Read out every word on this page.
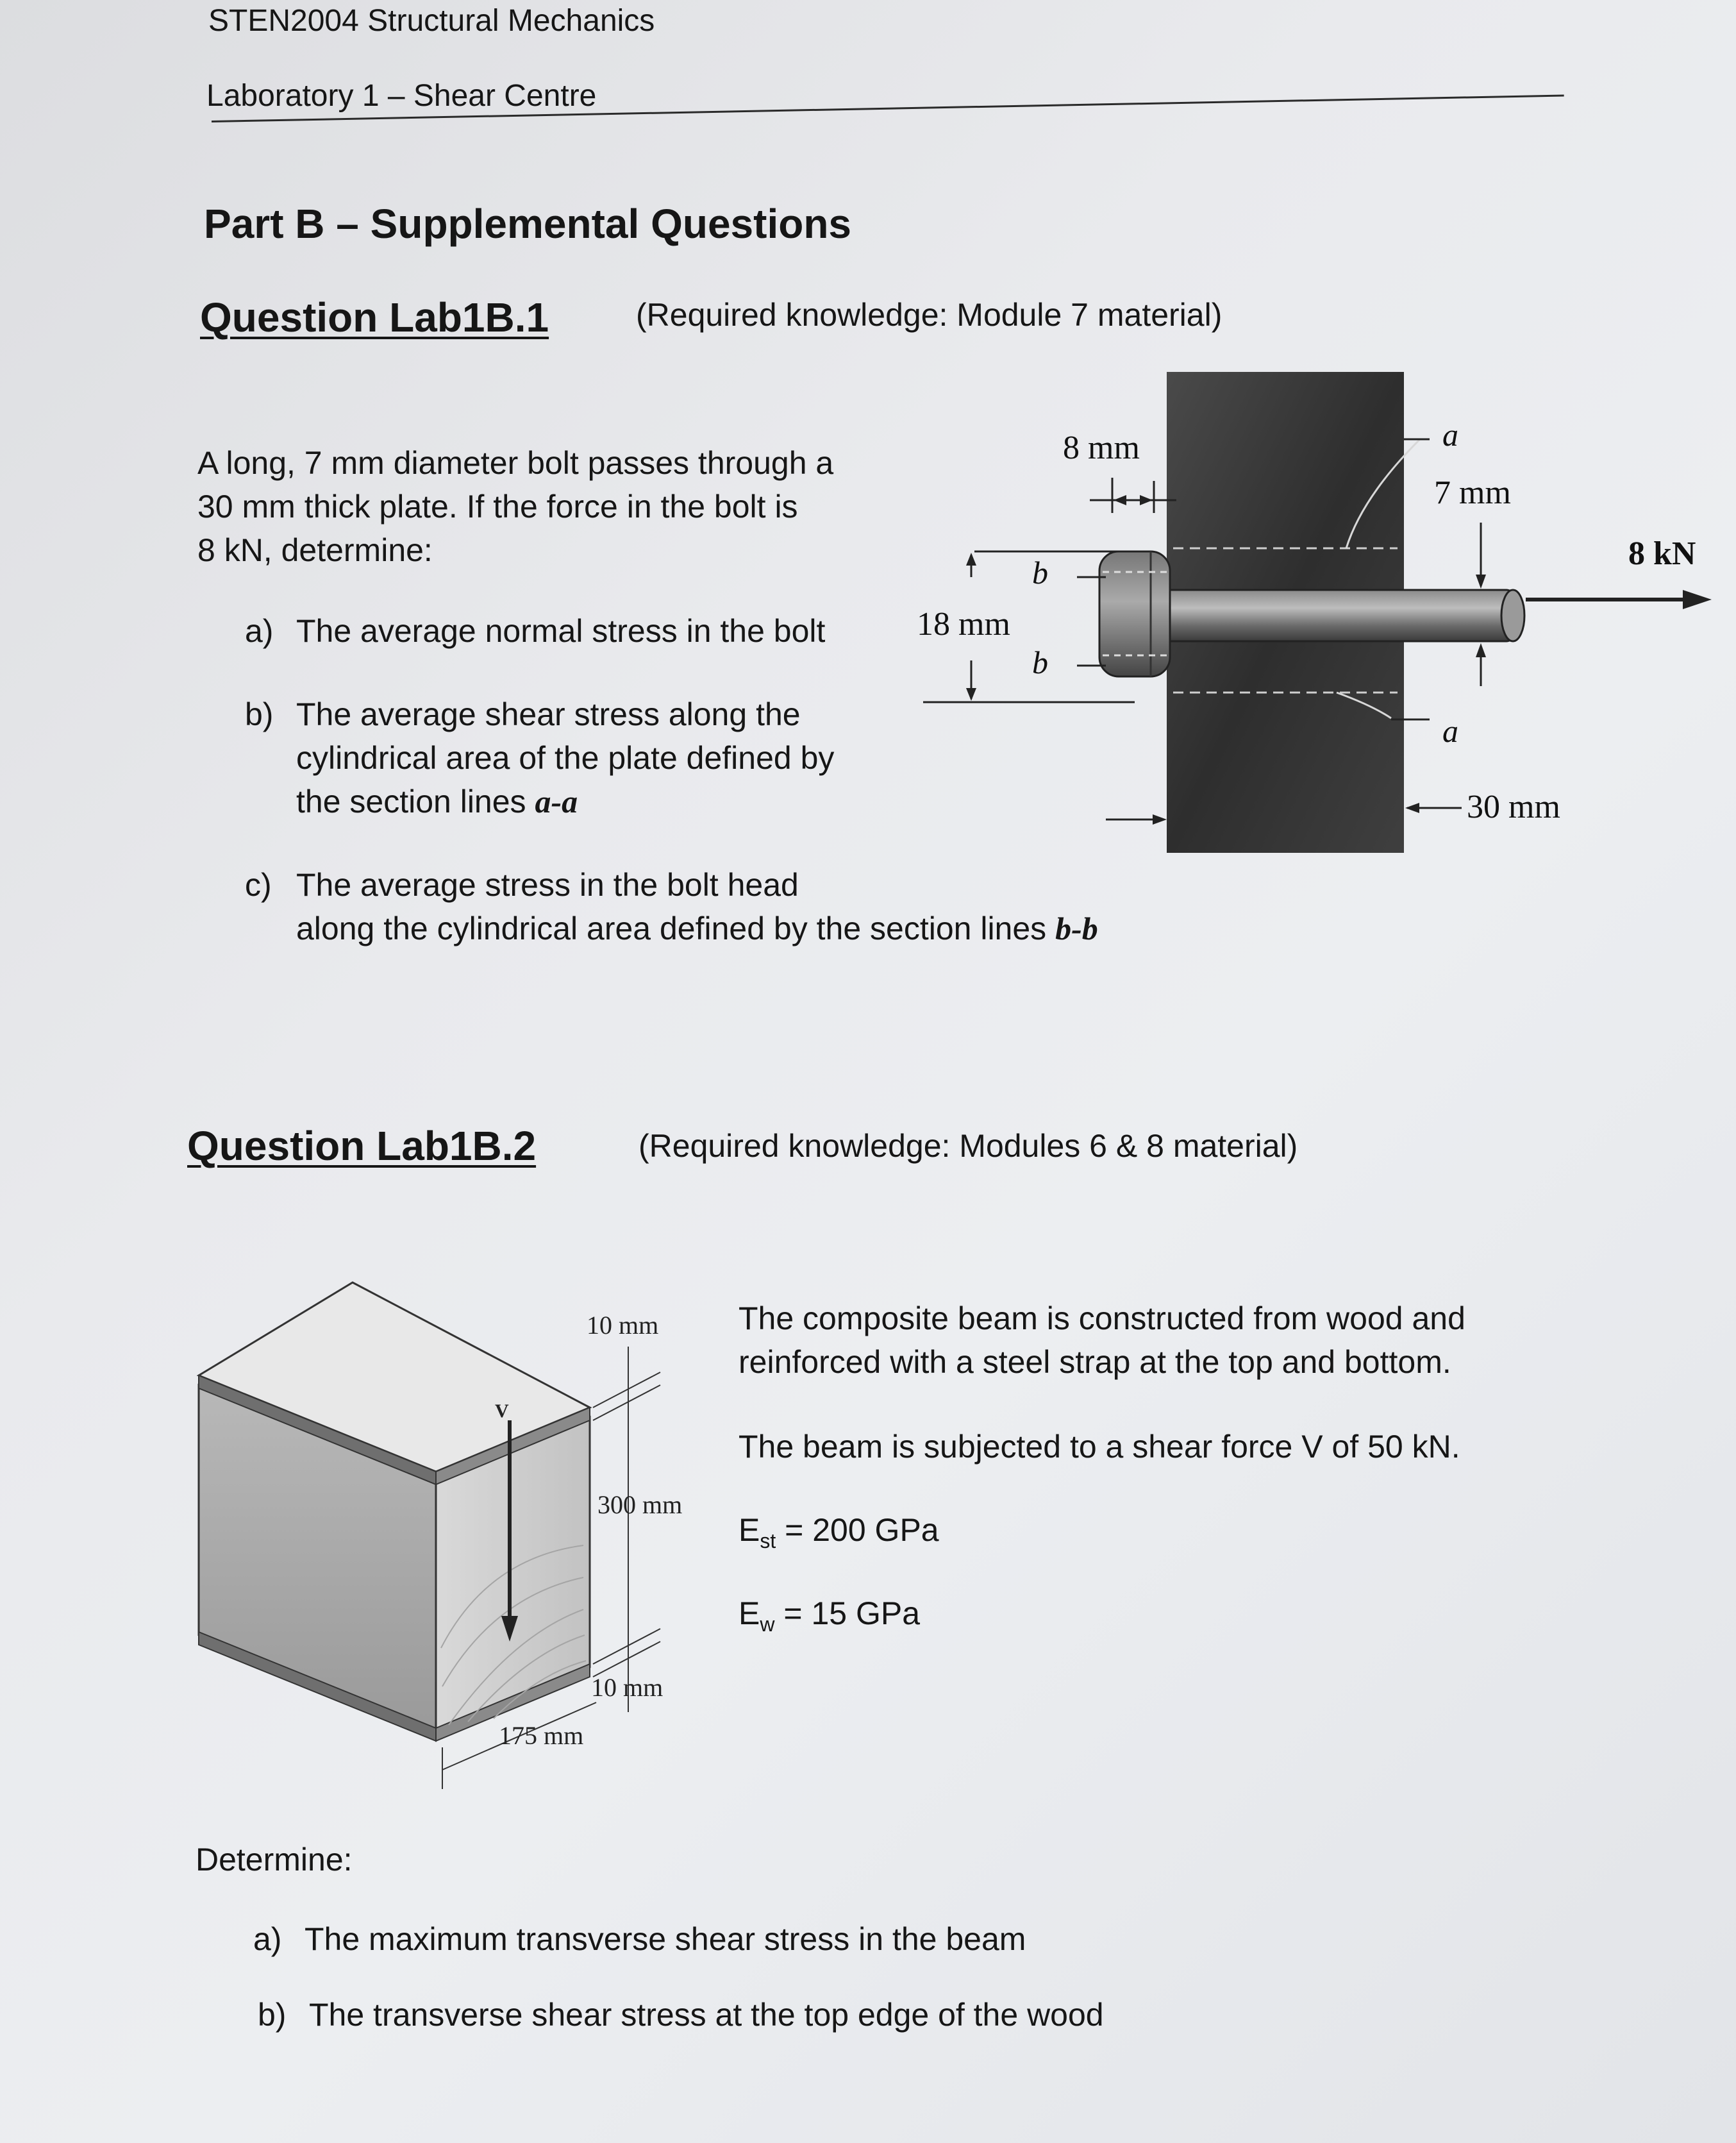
STEN2004 Structural Mechanics
Laboratory 1 – Shear Centre
Part B – Supplemental Questions
Question Lab1B.1	(Required knowledge: Module 7 material)
A long, 7 mm diameter bolt passes through a
30 mm thick plate. If the force in the bolt is
8 kN, determine:
a) The average normal stress in the bolt
b) The average shear stress along the
cylindrical area of the plate defined by
the section lines a-a
c) The average stress in the bolt head
along the cylindrical area defined by the section lines b-b
8 mm
18 mm
b
b
a
a
7 mm
8 kN
30 mm
Question Lab1B.2	(Required knowledge: Modules 6 & 8 material)
The composite beam is constructed from wood and
reinforced with a steel strap at the top and bottom.
The beam is subjected to a shear force V of 50 kN.
$E_{st} = 200$ GPa
$E_w = 15$ GPa
V
10 mm
300 mm
10 mm
175 mm
Determine:
a) The maximum transverse shear stress in the beam
b) The transverse shear stress at the top edge of the wood
